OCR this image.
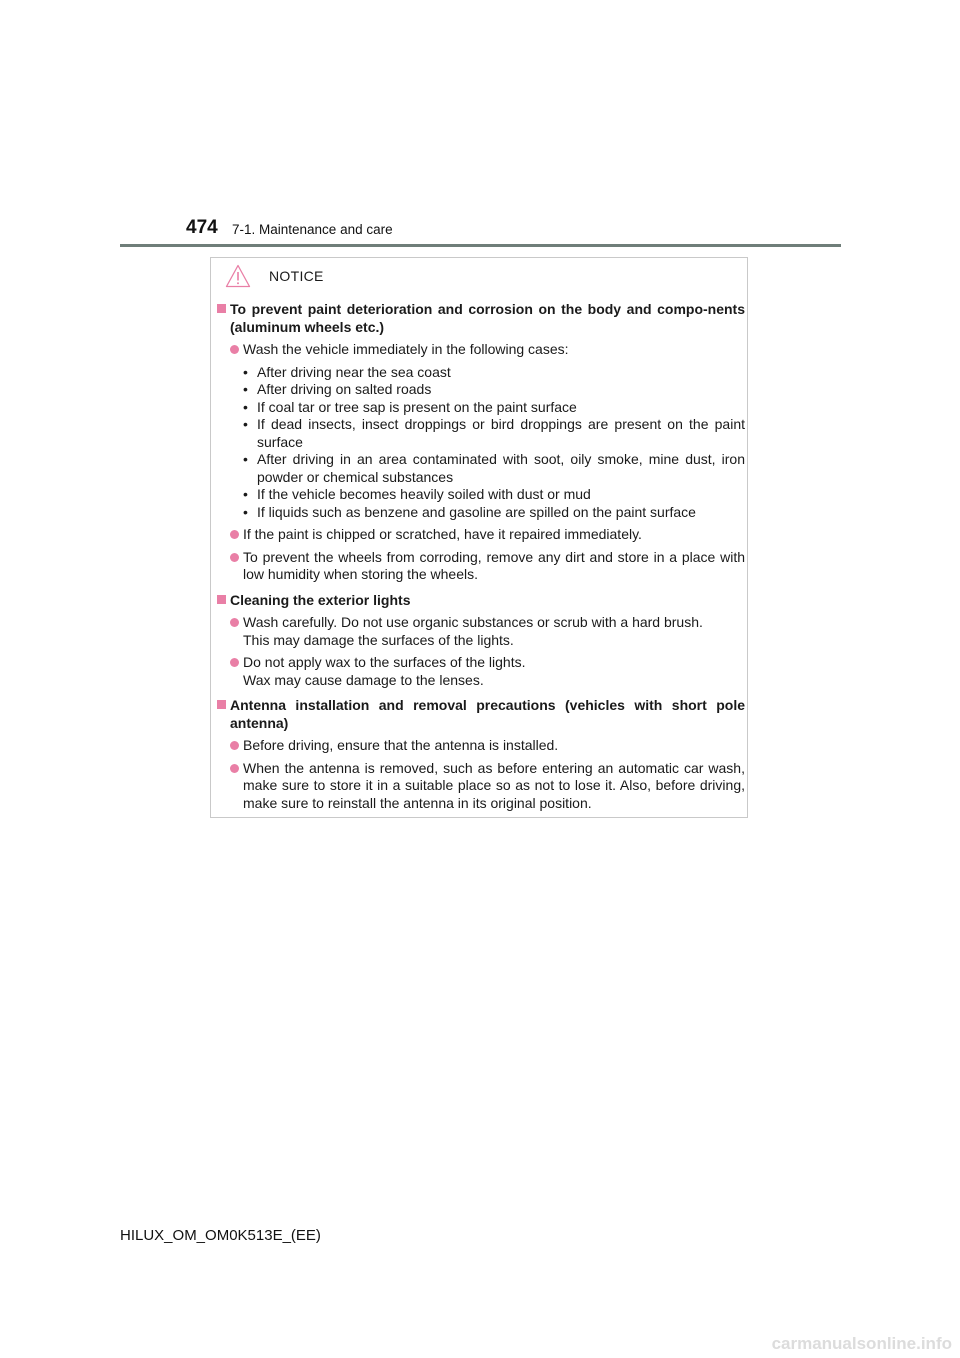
474 7-1. Maintenance and care
NOTICE
To prevent paint deterioration and corrosion on the body and compo-nents (aluminum wheels etc.)
Wash the vehicle immediately in the following cases:
• After driving near the sea coast
• After driving on salted roads
• If coal tar or tree sap is present on the paint surface
• If dead insects, insect droppings or bird droppings are present on the paint surface
• After driving in an area contaminated with soot, oily smoke, mine dust, iron powder or chemical substances
• If the vehicle becomes heavily soiled with dust or mud
• If liquids such as benzene and gasoline are spilled on the paint surface
If the paint is chipped or scratched, have it repaired immediately.
To prevent the wheels from corroding, remove any dirt and store in a place with low humidity when storing the wheels.
Cleaning the exterior lights
Wash carefully. Do not use organic substances or scrub with a hard brush.
This may damage the surfaces of the lights.
Do not apply wax to the surfaces of the lights.
Wax may cause damage to the lenses.
Antenna installation and removal precautions (vehicles with short pole antenna)
Before driving, ensure that the antenna is installed.
When the antenna is removed, such as before entering an automatic car wash, make sure to store it in a suitable place so as not to lose it. Also, before driving, make sure to reinstall the antenna in its original position.
HILUX_OM_OM0K513E_(EE)
carmanualsonline.info
